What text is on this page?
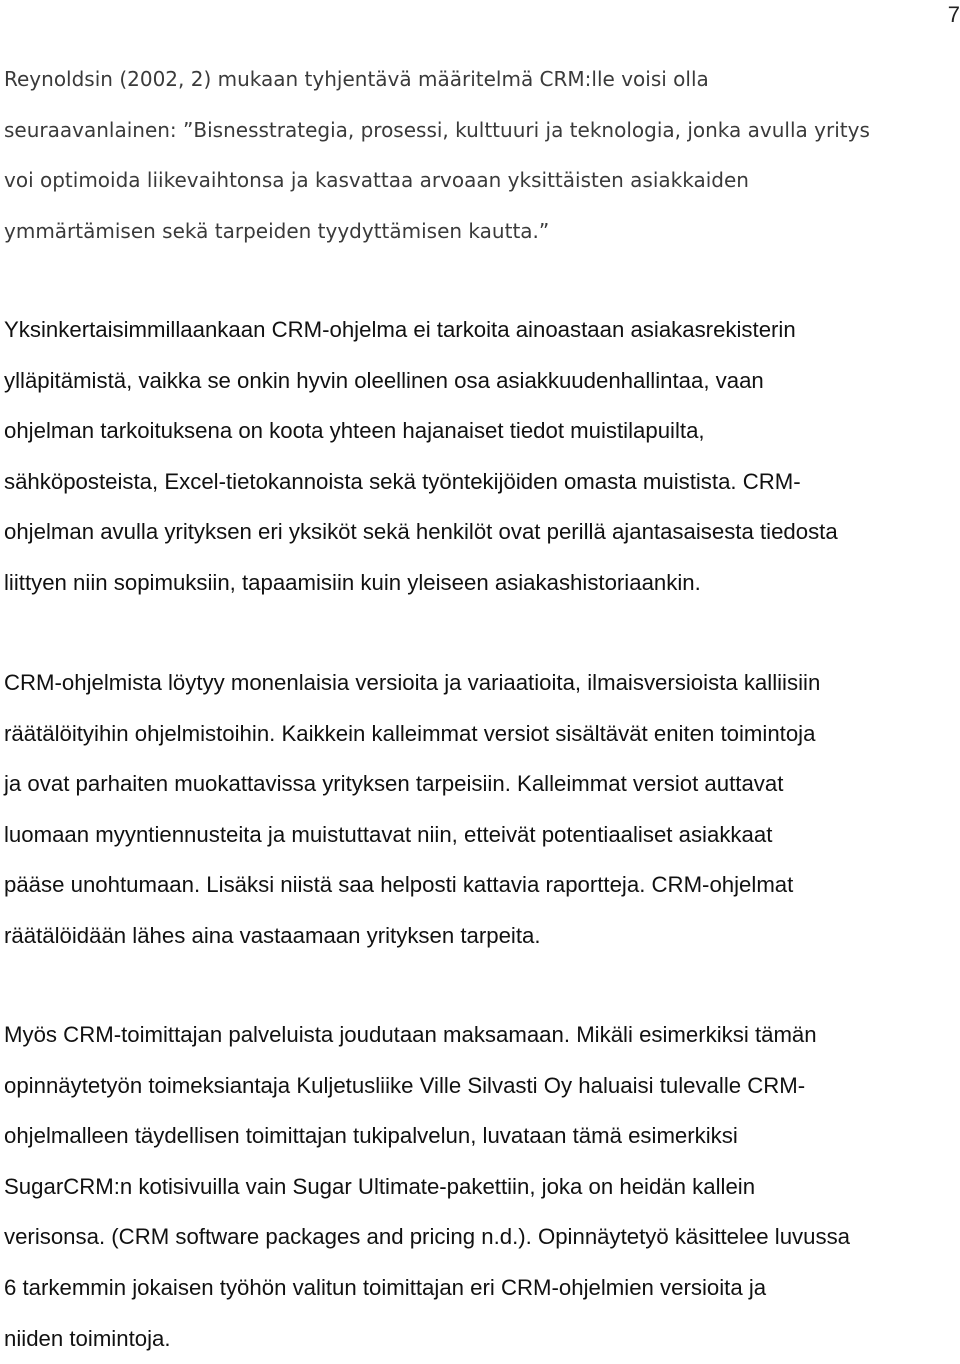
7

Reynoldsin (2002, 2) mukaan tyhjentävä määritelmä CRM:lle voisi olla
seuraavanlainen: ”Bisnesstrategia, prosessi, kulttuuri ja teknologia, jonka avulla yritys
voi optimoida liikevaihtonsa ja kasvattaa arvoaan yksittäisten asiakkaiden
ymmärtämisen sekä tarpeiden tyydyttämisen kautta.”

Yksinkertaisimmillaankaan CRM-ohjelma ei tarkoita ainoastaan asiakasrekisterin
ylläpitämistä, vaikka se onkin hyvin oleellinen osa asiakkuudenhallintaa, vaan
ohjelman tarkoituksena on koota yhteen hajanaiset tiedot muistilapuilta,
sähköposteista, Excel-tietokannoista sekä työntekijöiden omasta muistista. CRM-
ohjelman avulla yrityksen eri yksiköt sekä henkilöt ovat perillä ajantasaisesta tiedosta
liittyen niin sopimuksiin, tapaamisiin kuin yleiseen asiakashistoriaankin.

CRM-ohjelmista löytyy monenlaisia versioita ja variaatioita, ilmaisversioista kalliisiin
räätälöityihin ohjelmistoihin. Kaikkein kalleimmat versiot sisältävät eniten toimintoja
ja ovat parhaiten muokattavissa yrityksen tarpeisiin. Kalleimmat versiot auttavat
luomaan myyntiennusteita ja muistuttavat niin, etteivät potentiaaliset asiakkaat
pääse unohtumaan. Lisäksi niistä saa helposti kattavia raportteja. CRM-ohjelmat
räätälöidään lähes aina vastaamaan yrityksen tarpeita.

Myös CRM-toimittajan palveluista joudutaan maksamaan. Mikäli esimerkiksi tämän
opinnäytetyön toimeksiantaja Kuljetusliike Ville Silvasti Oy haluaisi tulevalle CRM-
ohjelmalleen täydellisen toimittajan tukipalvelun, luvataan tämä esimerkiksi
SugarCRM:n kotisivuilla vain Sugar Ultimate-pakettiin, joka on heidän kallein
verisonsa. (CRM software packages and pricing n.d.). Opinnäytetyö käsittelee luvussa
6 tarkemmin jokaisen työhön valitun toimittajan eri CRM-ohjelmien versioita ja
niiden toimintoja.
